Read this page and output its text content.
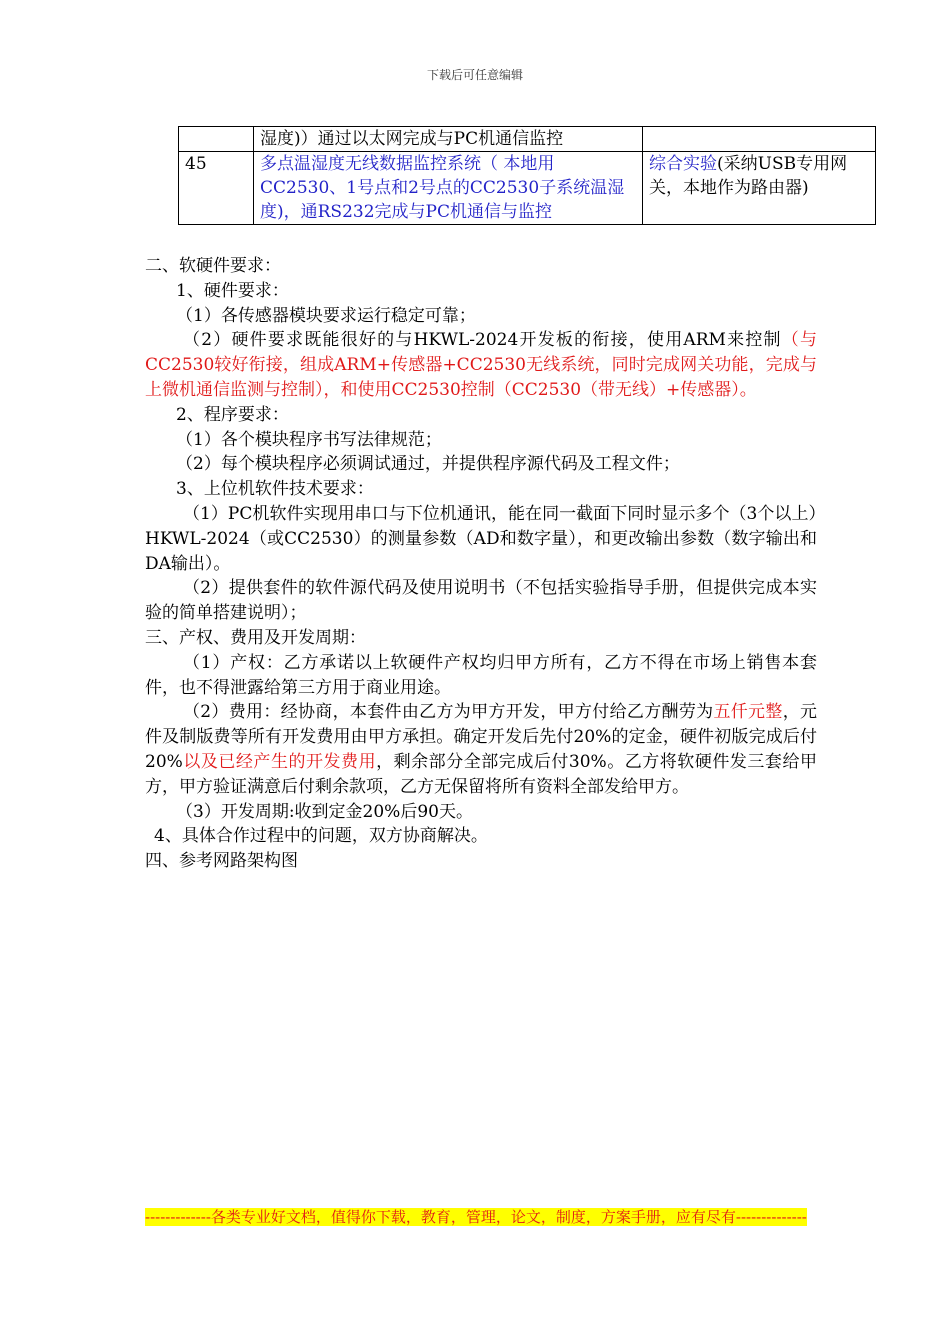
下载后可任意编辑
	湿度)）通过以太网完成与PC机通信监控	
45	多点温湿度无线数据监控系统（ 本地用CC2530、1号点和2号点的CC2530子系统温湿度)，通RS232完成与PC机通信与监控	综合实验(采纳USB专用网关，本地作为路由器)

二、软硬件要求：

1、硬件要求：

（1）各传感器模块要求运行稳定可靠；

（2）硬件要求既能很好的与HKWL-2024开发板的衔接，使用ARM来控制（与CC2530较好衔接，组成ARM+传感器+CC2530无线系统，同时完成网关功能，完成与上微机通信监测与控制），和使用CC2530控制（CC2530（带无线）+传感器）。

2、程序要求：

（1）各个模块程序书写法律规范；

（2）每个模块程序必须调试通过，并提供程序源代码及工程文件；

3、上位机软件技术要求：

（1）PC机软件实现用串口与下位机通讯，能在同一截面下同时显示多个（3个以上）HKWL-2024（或CC2530）的测量参数（AD和数字量），和更改输出参数（数字输出和DA输出）。

（2）提供套件的软件源代码及使用说明书（不包括实验指导手册，但提供完成本实验的简单搭建说明）；

三、产权、费用及开发周期：

（1）产权：乙方承诺以上软硬件产权均归甲方所有，乙方不得在市场上销售本套件，也不得泄露给第三方用于商业用途。

（2）费用：经协商，本套件由乙方为甲方开发，甲方付给乙方酬劳为五仟元整，元件及制版费等所有开发费用由甲方承担。确定开发后先付20%的定金，硬件初版完成后付20%以及已经产生的开发费用，剩余部分全部完成后付30%。乙方将软硬件发三套给甲方，甲方验证满意后付剩余款项，乙方无保留将所有资料全部发给甲方。

（3）开发周期:收到定金20%后90天。

4、具体合作过程中的问题，双方协商解决。

四、参考网路架构图

-------------各类专业好文档，值得你下载，教育，管理，论文，制度，方案手册，应有尽有--------------
